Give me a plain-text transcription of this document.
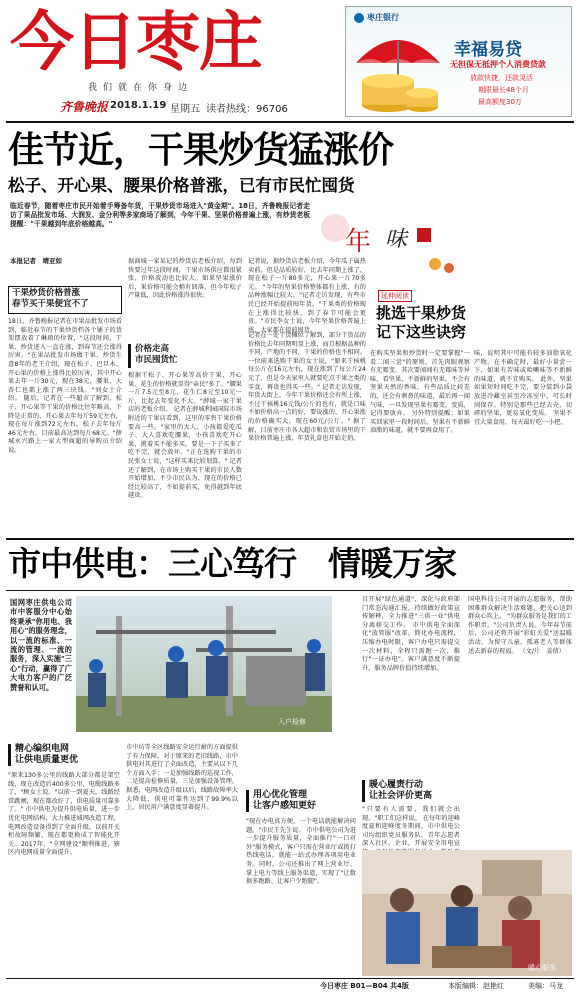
今日枣庄
我们就在你身边
齐鲁晚报 2018.1.19 星期五 读者热线：96706
枣庄银行
幸福易贷
无担保无抵押个人消费贷款
放款快捷，还款灵活
期限最长48个月
最高额度30万
佳节近，干果炒货猛涨价
松子、开心果、腰果价格普涨，已有市民忙囤货
临近春节，随着枣庄市民开始着手筹备年货，干果炒货市场进入"黄金期"。18日，齐鲁晚报记者走访了果品批发市场、大润发、金分利等多家商场了解到，今年干果、坚果价格普遍上涨，有炒货老板提醒："干果越到年底价格越高。"
年 味
本报记者　靖亚如
干果炒货价格普涨
春节买干果便宜不了
18日，齐鲁晚报记者在市果品批发市场看到，临近春节的干果炒货档各个铺子的货架摆放着了琳琅的位置，"这段时间，干果、炒货进入一直在涨，到春节还会涨得厉害。"在果品批发市场做干果、炒货生意8年的老王介绍，现在松子、巴旦木、开心果的价格上涨得比较厉害，其中开心果去年一斤30元，现在38元，腰果、大杏仁也都上涨了两三块钱。"刘女士介绍。 随后，记者在一些超市了解到，松子、开心果等干果的价格比往年略高，下降是正常的，开心果去年每斤59元左右，现在每斤涨到72元左右，松子去年每斤46元左右，目前最高达到每斤68元。"薛城永兴路上一家大型商超的导购员介绍说。
据商城一家某记的炒货店老板介绍，每到快要过年这段时间，干果市场供应都很紧张，价格波动也比较大。如果坚果涨价后，果价格可能会稍有回落，但今年松子产量低，因此价格涨得很快。
价格走高
市民囤货忙
根据干松子、开心果等高价干果，开心果、花生的价格就显得"亲民"多了。"腰果一斤7.5元至8元，花生仁8元至10元一斤，比起去年变化不大。"薛城一家干果店的老板介绍。 记者在薛城利园国际市场附近的干果店看到，这里的零售干果价格要高一些。"家里的大人、小孩都爱吃瓜子、大人喜欢吃腰果，小孩喜欢吃开心果，挑着买不能多买，要是一下子买多了吃不完，就会放坏。"正在选购干果的市民张女士说，"这样买来比较划算。" 记者还了解到，在市场上购买干果的市民人数开始增加，不少市民认为，现在的价格已经比较高了，不如提前买，免得越到年底越贵。
记者说，据炒货店老板介绍，今年瓜子属热卖前，但是品质较好，比去年同期上涨了，现在松子一斤80多元，开心果一斤70多元。 "今年的坚果价格整体都有上涨，有的品种涨幅比较大。"记者走访发现，有些市民已经开始提前囤年货。"干果类的价格现在上涨得比较快，到了春节可能会更贵。"市民李女士说，今年坚果价格普遍上涨，大家都在提前囤货。
记者在一处干货摊位了解到，部分干货品的价格比去年同期明显上涨，而且根据品种的不同，产地的不同，干果的价格也不相同。一位前来选购干果的女士说，"原来干核桃每公斤在16元左右，现在涨到了每公斤24元了，但是今天家里人就要吃点干果之类的零食，再贵也得买一些。" 记者走访发现，年货大街上，今年干果价格还会有所上涨，不过干核桃16元钱/公斤的也有，就是口味不如价格高一点的好，要说涨的，开心果涨的价格确实大，现在60元/公斤。" 据了解，目前枣庄市各大超市和农贸市场里的干果价格普遍上涨，年货礼盒也开始走俏。
延伸阅读
挑选干果炒货
记下这些诀窍
在购买坚果和炒货时一定要掌握"一看二闻三尝"的原则，首先肉眼观察有无霉变、其次要闻闻有无霉味等异味，看坚果、不新鲜的坚果，不会有坚果天然的香味，有些品质比较差的，还会有刺鼻的味道，最后再一闻气味，一旦发现坚果有霉变、变质，记得要放弃。 另外特别提醒：如果买回家里一段时间后，坚果有不新鲜油脂的味道，就不要再食用了。
味，说明其中可能有较多油脂氧化产物。在不确定时，最好小量尝一下，如果有苦味或哈喇味等不新鲜的味道，就不宜购买。 此外，坚果如果短时间吃不完，要分装到小袋放进冷藏室甚至冷冻室中，可长时间保存。特别是那些已经去壳、切碎的坚果，更易氧化变质。 坚果不宜大量食用，每天最好吃一小把。
市中供电：三心笃行　情暖万家
国网枣庄供电公司市中客服分中心始终秉承"你用电、我用心"的服务理念，以一流的标准、一流的管理、一流的服务，深入实施"三心"行动，赢得了广大电力客户的广泛赞誉和认可。
入户检修
精心编织电网
让供电质量更优
"原来130多公里的线路大部分都是架空线，现在改造后400多公里，电缆线路多了，"顾女士说。"以前一到夏天，线路经常跳闸，现在都改好了，供电质量可靠多了。" 市中供电为提升供电质量，进一步优化电网结构，大力推进城网改造工程，电网改造设备得到了全面升级。以前开关柜故障频繁，现在都更换成了智能化开关。2017年，"全网建设"顺利推进，辖区内电网质量全面提升。
市中坊等全区线路安全运行耐的方面提供了有力保障。对于原来的老旧线路，市中供电对其进行了全面改造，主要从以下几个方面入手：一是加强线路的巡视工作，二是提高检修质量，三是加强设备管理。 据悉，电网改造升级以后，线路故障率大大降低，供电可靠性达到了99.9%以上，居民用户满意度显著提升。
用心优化管理
让客户感知更好
"现在办电真方便，一个电话就能解决问题。"市民王先生说。 市中供电公司为进一步提升服务质量，全面推行"一口对外"服务模式，客户只需在营业厅或拨打热线电话，就能一站式办理各项用电业务。同时，公司还推出了网上营业厅、掌上电力等线上服务渠道，实现了"让数据多跑路、让客户少跑腿"。
目开展"绿色通道"，深化与政府部门常态沟通汇报，持续做好政策宣传解释，全力推进"三供一业"供电分离移交工作。 市中供电全面深化"放管服"改革，简化办电流程，压缩办电时限，客户办电只需提交一次材料，全程只需跑一次，推行"一证办电"。客户满意度不断提升，服务品牌价值持续增加。
暖心履责行动
让社会评价更高
"只要有人需要，我们就会出现。"职工们这样说。 在每年的迎峰度夏和迎峰度冬期间，市中供电公司均组织党员服务队、青年志愿者深入社区、企业，开展安全用电宣
国电科技公司开展的志愿服务，帮助困难群众解决生活难题，把关心送到群众心坎上。 "为群众服务是我们的工作职责。"公司负责人说。今年春节前后，公司还将开展"彩虹关爱"送温暖活动，为留守儿童、孤寡老人等群体送去新春的祝福。 （文/片　姜倩）
暖心服务
今日枣庄 B01—B04 共4版	本版编辑：赵艳红	美编：马龙
